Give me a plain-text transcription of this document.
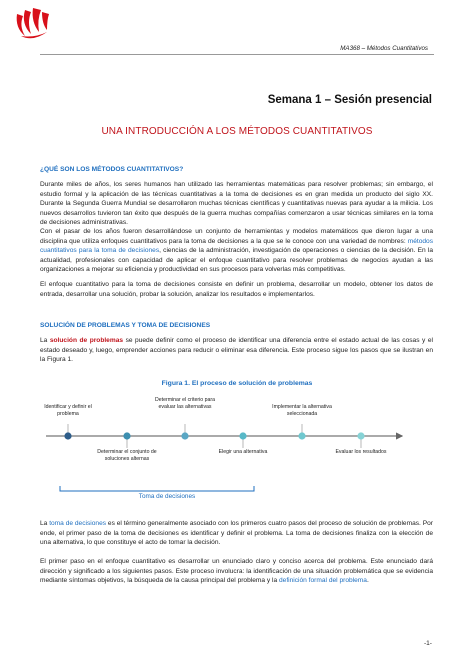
MA368 – Métodos Cuantitativos
Semana 1 – Sesión presencial
UNA INTRODUCCIÓN A LOS MÉTODOS CUANTITATIVOS
¿QUÉ SON LOS MÉTODOS CUANTITATIVOS?
Durante miles de años, los seres humanos han utilizado las herramientas matemáticas para resolver problemas; sin embargo, el estudio formal y la aplicación de las técnicas cuantitativas a la toma de decisiones es en gran medida un producto del siglo XX. Durante la Segunda Guerra Mundial se desarrollaron muchas técnicas científicas y cuantitativas nuevas para ayudar a la milicia. Los nuevos desarrollos tuvieron tan éxito que después de la guerra muchas compañías comenzaron a usar técnicas similares en la toma de decisiones administrativas.
Con el pasar de los años fueron desarrollándose un conjunto de herramientas y modelos matemáticos que dieron lugar a una disciplina que utiliza enfoques cuantitativos para la toma de decisiones a la que se le conoce con una variedad de nombres: métodos cuantitativos para la toma de decisiones, ciencias de la administración, investigación de operaciones o ciencias de la decisión. En la actualidad, profesionales con capacidad de aplicar el enfoque cuantitativo para resolver problemas de negocios ayudan a las organizaciones a mejorar su eficiencia y productividad en sus procesos para volverlas más competitivas.
El enfoque cuantitativo para la toma de decisiones consiste en definir un problema, desarrollar un modelo, obtener los datos de entrada, desarrollar una solución, probar la solución, analizar los resultados e implementarlos.
SOLUCIÓN DE PROBLEMAS Y TOMA DE DECISIONES
La solución de problemas se puede definir como el proceso de identificar una diferencia entre el estado actual de las cosas y el estado deseado y, luego, emprender acciones para reducir o eliminar esa diferencia. Este proceso sigue los pasos que se ilustran en la Figura 1.
Figura 1. El proceso de solución de problemas
Identificar y definir el problema
Determinar el conjunto de soluciones alternas
Determinar el criterio para evaluar las alternativas
Elegir una alternativa
Implementar la alternativa seleccionada
Evaluar los resultados
Toma de decisiones
La toma de decisiones es el término generalmente asociado con los primeros cuatro pasos del proceso de solución de problemas. Por ende, el primer paso de la toma de decisiones es identificar y definir el problema. La toma de decisiones finaliza con la elección de una alternativa, lo que constituye el acto de tomar la decisión.
El primer paso en el enfoque cuantitativo es desarrollar un enunciado claro y conciso acerca del problema. Este enunciado dará dirección y significado a los siguientes pasos. Este proceso involucra: la identificación de una situación problemática que se evidencia mediante síntomas objetivos, la búsqueda de la causa principal del problema y la definición formal del problema.
-1-
